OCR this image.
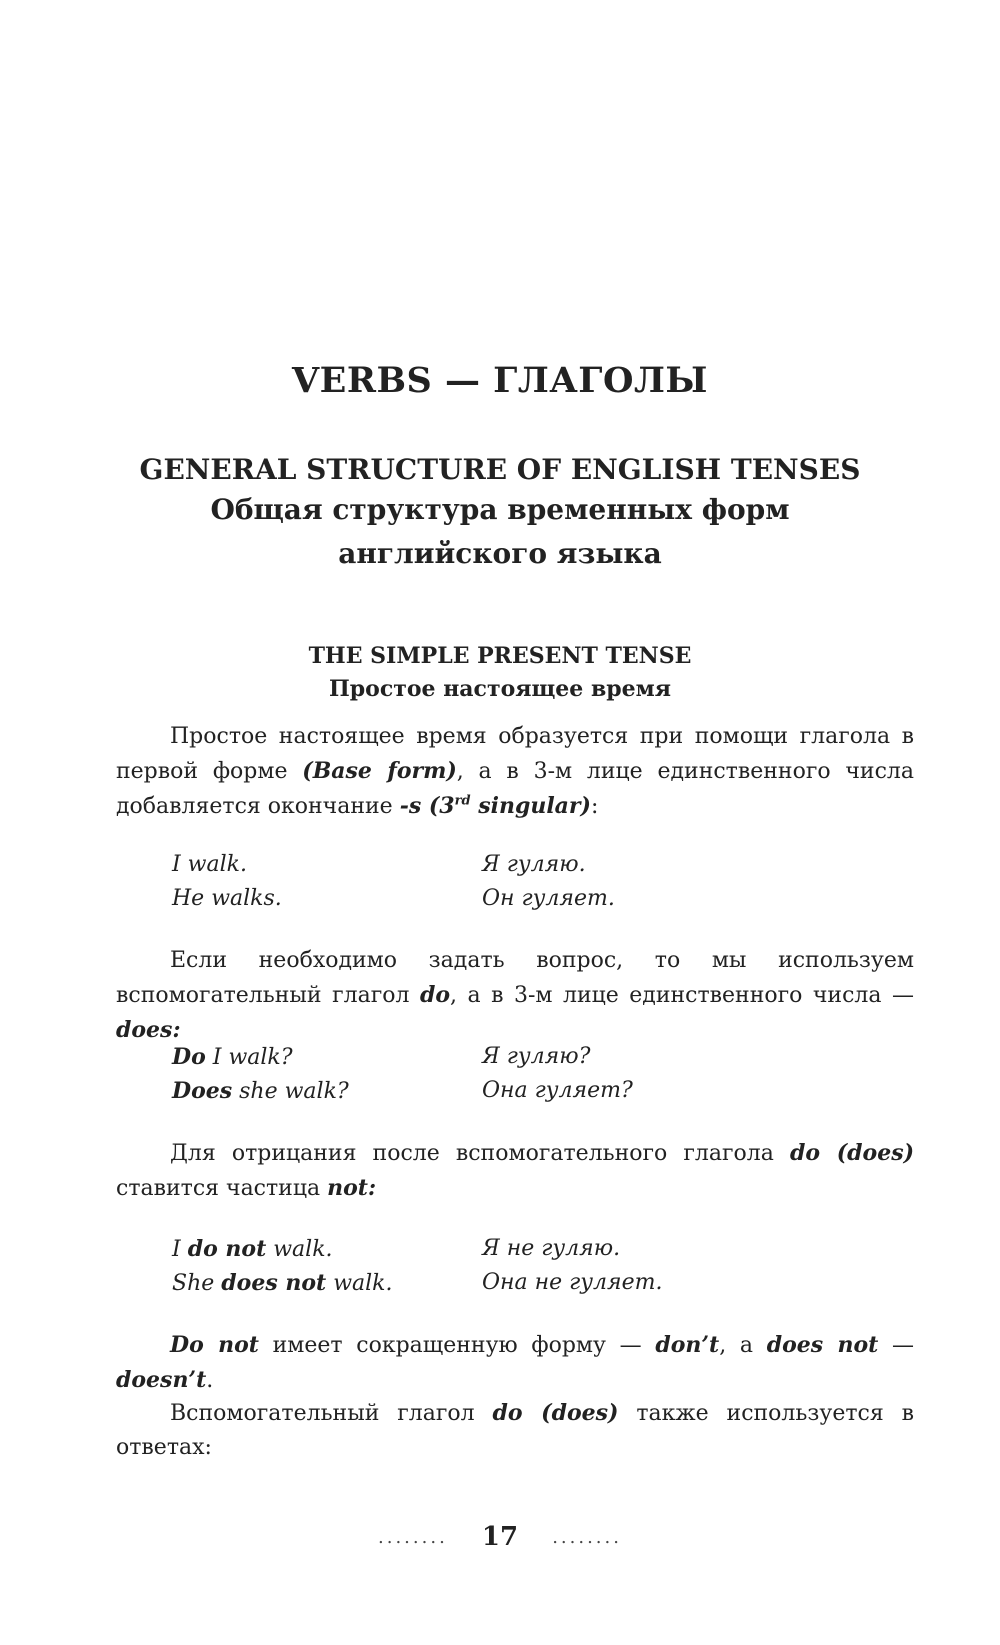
VERBS — ГЛАГОЛЫ
GENERAL STRUCTURE OF ENGLISH TENSES
Общая структура временных форм
английского языка
THE SIMPLE PRESENT TENSE
Простое настоящее время
Простое настоящее время образуется при помощи глагола в первой форме (Base form), а в 3-м лице единственного числа добавляется окончание -s (3rd singular):
I walk.	Я гуляю.
He walks.	Он гуляет.
Если необходимо задать вопрос, то мы используем вспомогательный глагол do, а в 3-м лице единственного числа — does:
Do I walk?	Я гуляю?
Does she walk?	Она гуляет?
Для отрицания после вспомогательного глагола do (does) ставится частица not:
I do not walk.	Я не гуляю.
She does not walk.	Она не гуляет.
Do not имеет сокращенную форму — don’t, а does not — doesn’t.
Вспомогательный глагол do (does) также используется в ответах:
........	17	........
